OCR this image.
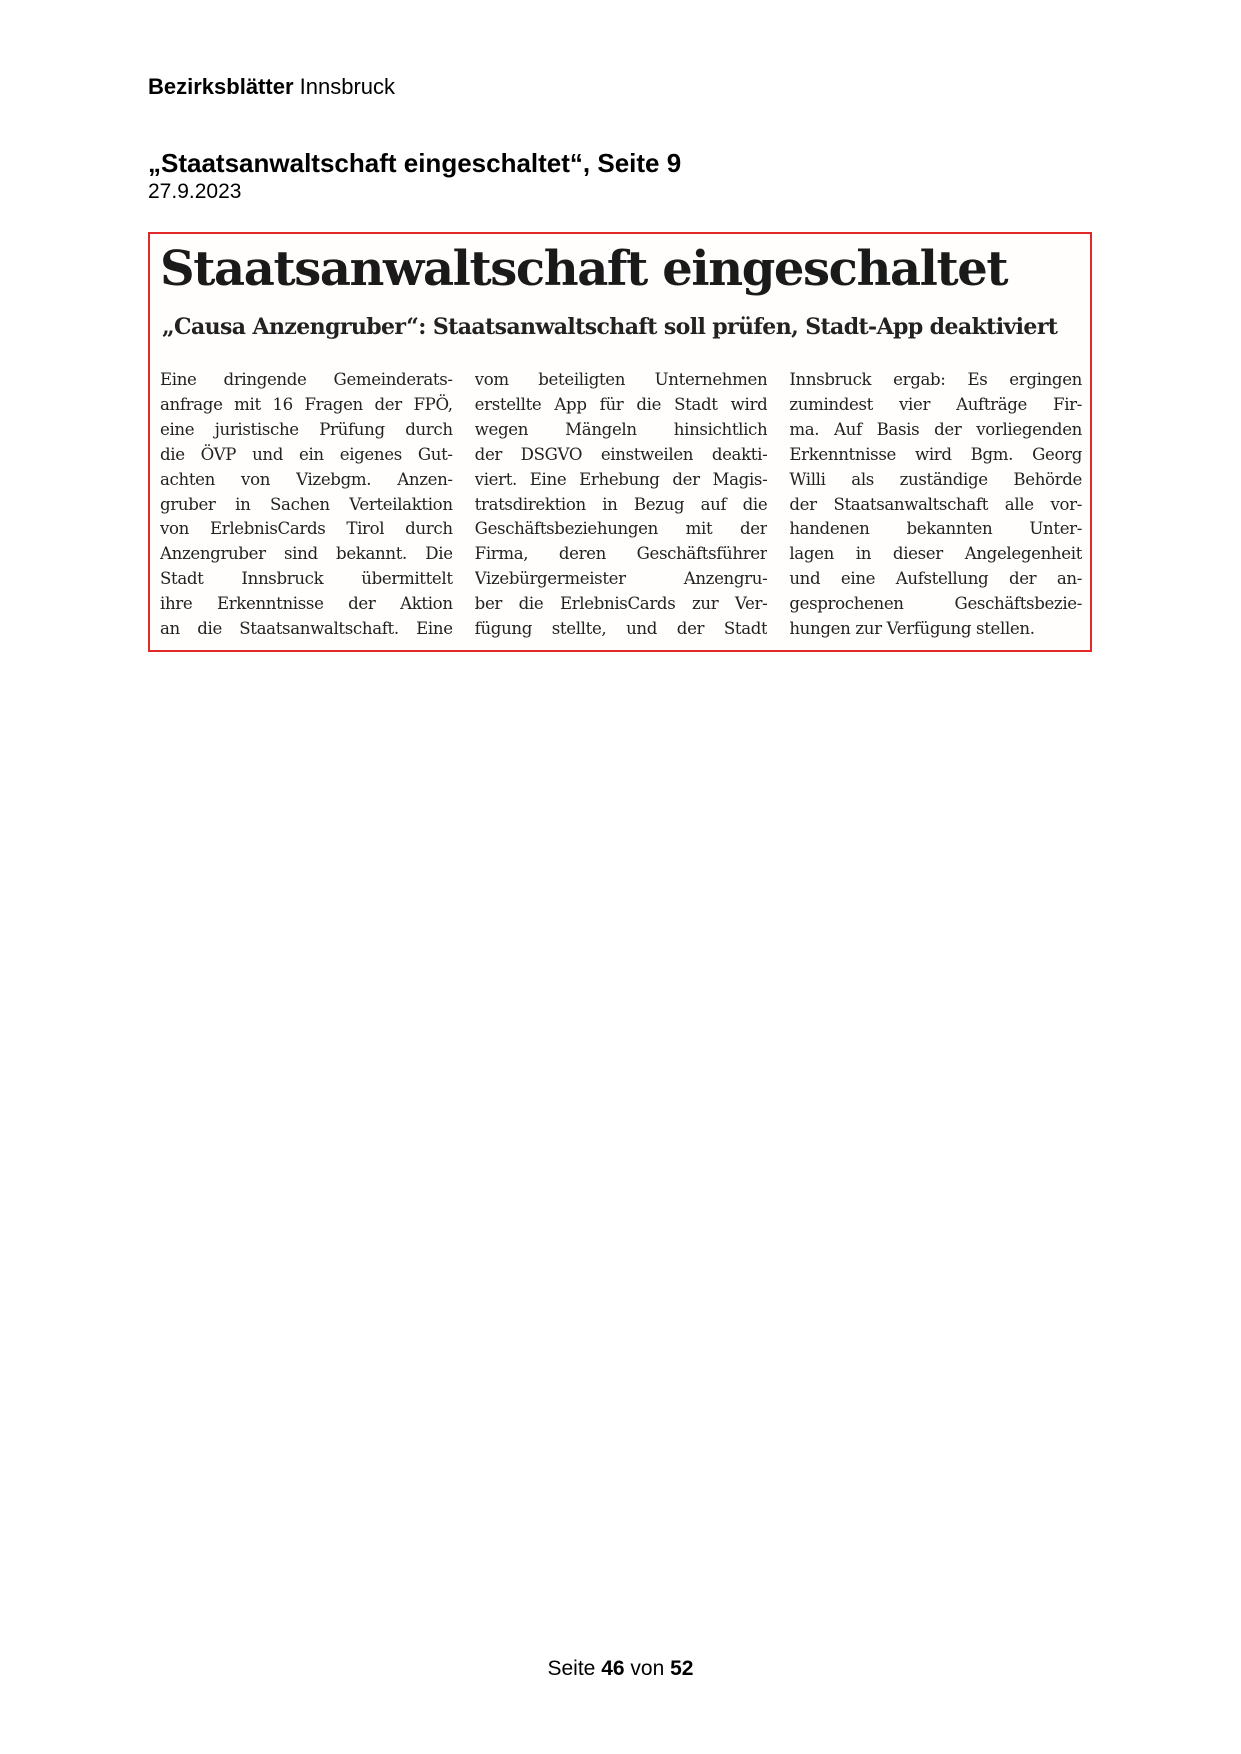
Bezirksblätter Innsbruck
„Staatsanwaltschaft eingeschaltet“, Seite 9
27.9.2023
Staatsanwaltschaft eingeschaltet
„Causa Anzengruber“: Staatsanwaltschaft soll prüfen, Stadt-App deaktiviert
Eine dringende Gemeinderats-
anfrage mit 16 Fragen der FPÖ,
eine juristische Prüfung durch
die ÖVP und ein eigenes Gut-
achten von Vizebgm. Anzen-
gruber in Sachen Verteilaktion
von ErlebnisCards Tirol durch
Anzengruber sind bekannt. Die
Stadt Innsbruck übermittelt
ihre Erkenntnisse der Aktion
an die Staatsanwaltschaft. Eine
vom beteiligten Unternehmen
erstellte App für die Stadt wird
wegen Mängeln hinsichtlich
der DSGVO einstweilen deakti-
viert. Eine Erhebung der Magis-
tratsdirektion in Bezug auf die
Geschäftsbeziehungen mit der
Firma, deren Geschäftsführer
Vizebürgermeister Anzengru-
ber die ErlebnisCards zur Ver-
fügung stellte, und der Stadt
Innsbruck ergab: Es ergingen
zumindest vier Aufträge Fir-
ma. Auf Basis der vorliegenden
Erkenntnisse wird Bgm. Georg
Willi als zuständige Behörde
der Staatsanwaltschaft alle vor-
handenen bekannten Unter-
lagen in dieser Angelegenheit
und eine Aufstellung der an-
gesprochenen Geschäftsbezie-
hungen zur Verfügung stellen.
Seite 46 von 52
